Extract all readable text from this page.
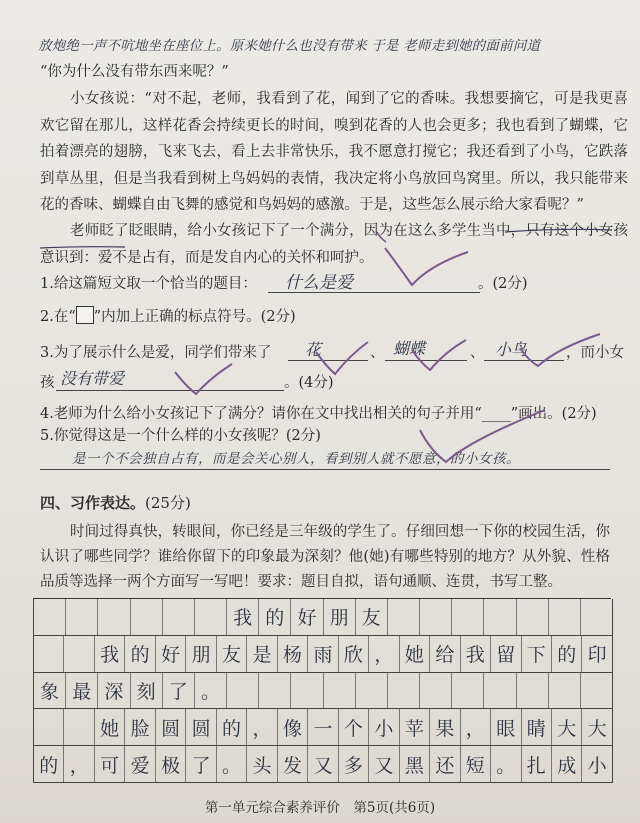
放炮绝一声不吭地坐在座位上。原来她什么也没有带来 于是 老师走到她的面前问道
“你为什么没有带东西来呢？”
小女孩说：“对不起，老师，我看到了花，闻到了它的香味。我想要摘它，可是我更喜欢它留在那儿，这样花香会持续更长的时间，嗅到花香的人也会更多；我也看到了蝴蝶，它拍着漂亮的翅膀，飞来飞去，看上去非常快乐，我不愿意打搅它；我还看到了小鸟，它跌落到草丛里，但是当我看到树上鸟妈妈的表情，我决定将小鸟放回鸟窝里。所以，我只能带来花的香味、蝴蝶自由飞舞的感觉和鸟妈妈的感激。于是，这些怎么展示给大家看呢？”
老师眨了眨眼睛，给小女孩记下了一个满分，因为在这么多学生当中，只有这个小女孩意识到：爱不是占有，而是发自内心的关怀和呵护。
1.给这篇短文取一个恰当的题目： 什么是爱	。(2分)
2.在“ ”内加上正确的标点符号。(2分)
3.为了展示什么是爱，同学们带来了 花	、 蝴蝶	、 小鸟	，而小女
孩 没有带爱	。(4分)
4.老师为什么给小女孩记下了满分？请你在文中找出相关的句子并用“____”画出。(2分)
5.你觉得这是一个什么样的小女孩呢？(2分)
是一个不会独自占有，而是会关心别人，看到别人就不愿意，的小女孩。
四、习作表达。(25分)
时间过得真快，转眼间，你已经是三年级的学生了。仔细回想一下你的校园生活，你认识了哪些同学？谁给你留下的印象最为深刻？他(她)有哪些特别的地方？从外貌、性格品质等选择一两个方面写一写吧！要求：题目自拟，语句通顺、连贯，书写工整。
我 的 好 朋 友
我 的 好 朋 友 是 杨 雨 欣 ， 她 给 我 留 下 的 印
象 最 深 刻 了 。
她 脸 圆 圆 的 ， 像 一 个 小 苹 果 ， 眼 睛 大 大
的 ， 可 爱 极 了 。 头 发 又 多 又 黑 还 短 。 扎 成 小
第一单元综合素养评价　第5页(共6页)
